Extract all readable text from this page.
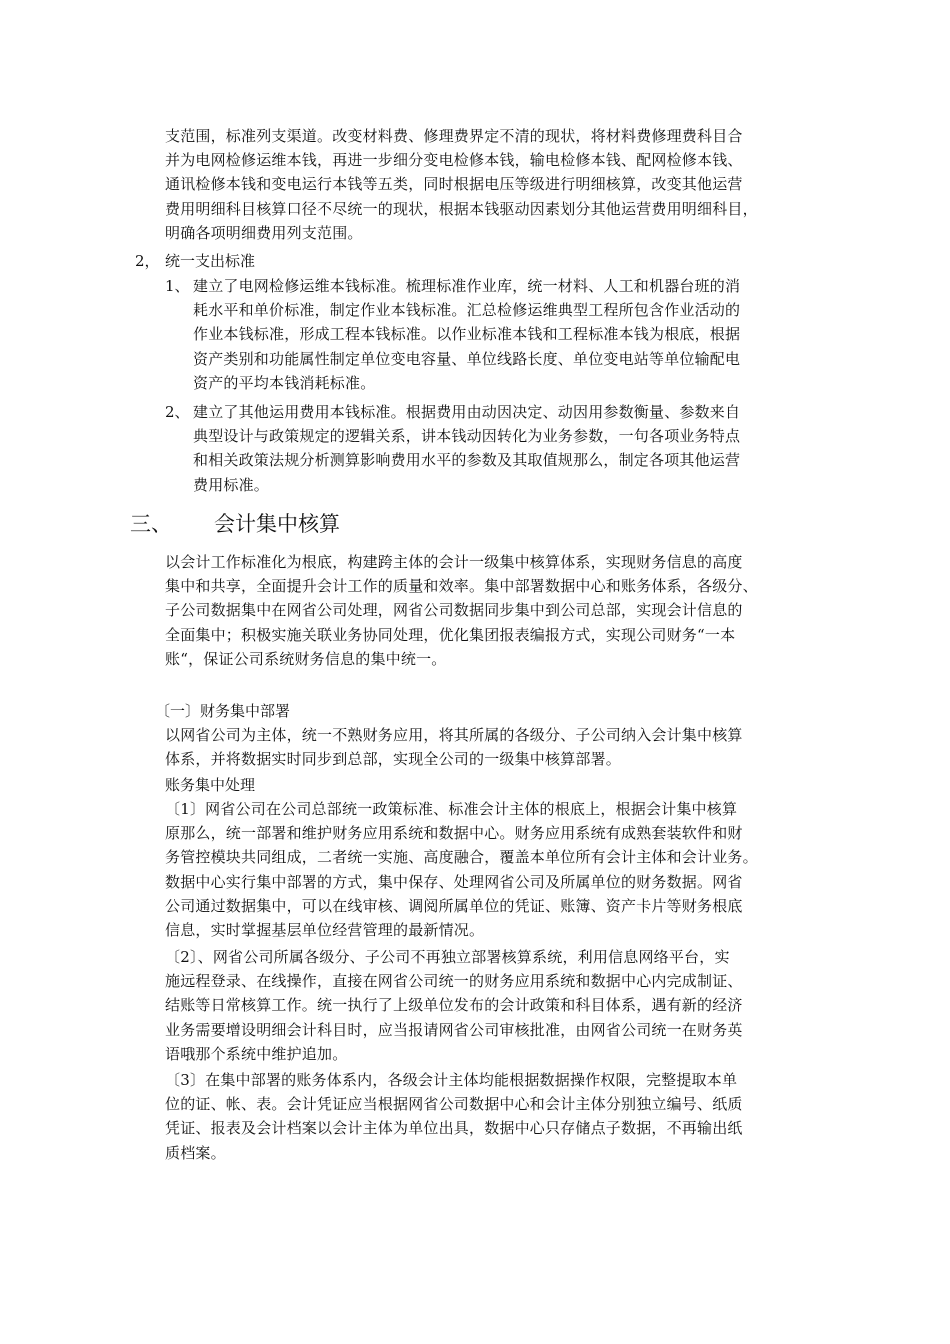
支范围，标准列支渠道。改变材料费、修理费界定不清的现状，将材料费修理费科目合
并为电网检修运维本钱，再进一步细分变电检修本钱，输电检修本钱、配网检修本钱、
通讯检修本钱和变电运行本钱等五类，同时根据电压等级进行明细核算，改变其他运营
费用明细科目核算口径不尽统一的现状，根据本钱驱动因素划分其他运营费用明细科目，
明确各项明细费用列支范围。
2， 统一支出标准
1、 建立了电网检修运维本钱标准。梳理标准作业库，统一材料、人工和机器台班的消
耗水平和单价标准，制定作业本钱标准。汇总检修运维典型工程所包含作业活动的
作业本钱标准，形成工程本钱标准。以作业标准本钱和工程标准本钱为根底，根据
资产类别和功能属性制定单位变电容量、单位线路长度、单位变电站等单位输配电
资产的平均本钱消耗标准。
2、 建立了其他运用费用本钱标准。根据费用由动因决定、动因用参数衡量、参数来自
典型设计与政策规定的逻辑关系，讲本钱动因转化为业务参数，一句各项业务特点
和相关政策法规分析测算影响费用水平的参数及其取值规那么，制定各项其他运营
费用标准。
三、 会计集中核算
以会计工作标准化为根底，构建跨主体的会计一级集中核算体系，实现财务信息的高度
集中和共享，全面提升会计工作的质量和效率。集中部署数据中心和账务体系，各级分、
子公司数据集中在网省公司处理，网省公司数据同步集中到公司总部，实现会计信息的
全面集中；积极实施关联业务协同处理，优化集团报表编报方式，实现公司财务“一本
账“，保证公司系统财务信息的集中统一。
〔一〕财务集中部署
以网省公司为主体，统一不熟财务应用，将其所属的各级分、子公司纳入会计集中核算
体系，并将数据实时同步到总部，实现全公司的一级集中核算部署。
账务集中处理
〔1〕网省公司在公司总部统一政策标准、标准会计主体的根底上，根据会计集中核算
原那么，统一部署和维护财务应用系统和数据中心。财务应用系统有成熟套装软件和财
务管控模块共同组成，二者统一实施、高度融合，覆盖本单位所有会计主体和会计业务。
数据中心实行集中部署的方式，集中保存、处理网省公司及所属单位的财务数据。网省
公司通过数据集中，可以在线审核、调阅所属单位的凭证、账簿、资产卡片等财务根底
信息，实时掌握基层单位经营管理的最新情况。
〔2〕、网省公司所属各级分、子公司不再独立部署核算系统，利用信息网络平台，实
施远程登录、在线操作，直接在网省公司统一的财务应用系统和数据中心内完成制证、
结账等日常核算工作。统一执行了上级单位发布的会计政策和科目体系，遇有新的经济
业务需要增设明细会计科目时，应当报请网省公司审核批准，由网省公司统一在财务英
语哦那个系统中维护追加。
〔3〕在集中部署的账务体系内，各级会计主体均能根据数据操作权限，完整提取本单
位的证、帐、表。会计凭证应当根据网省公司数据中心和会计主体分别独立编号、纸质
凭证、报表及会计档案以会计主体为单位出具，数据中心只存储点子数据，不再输出纸
质档案。
